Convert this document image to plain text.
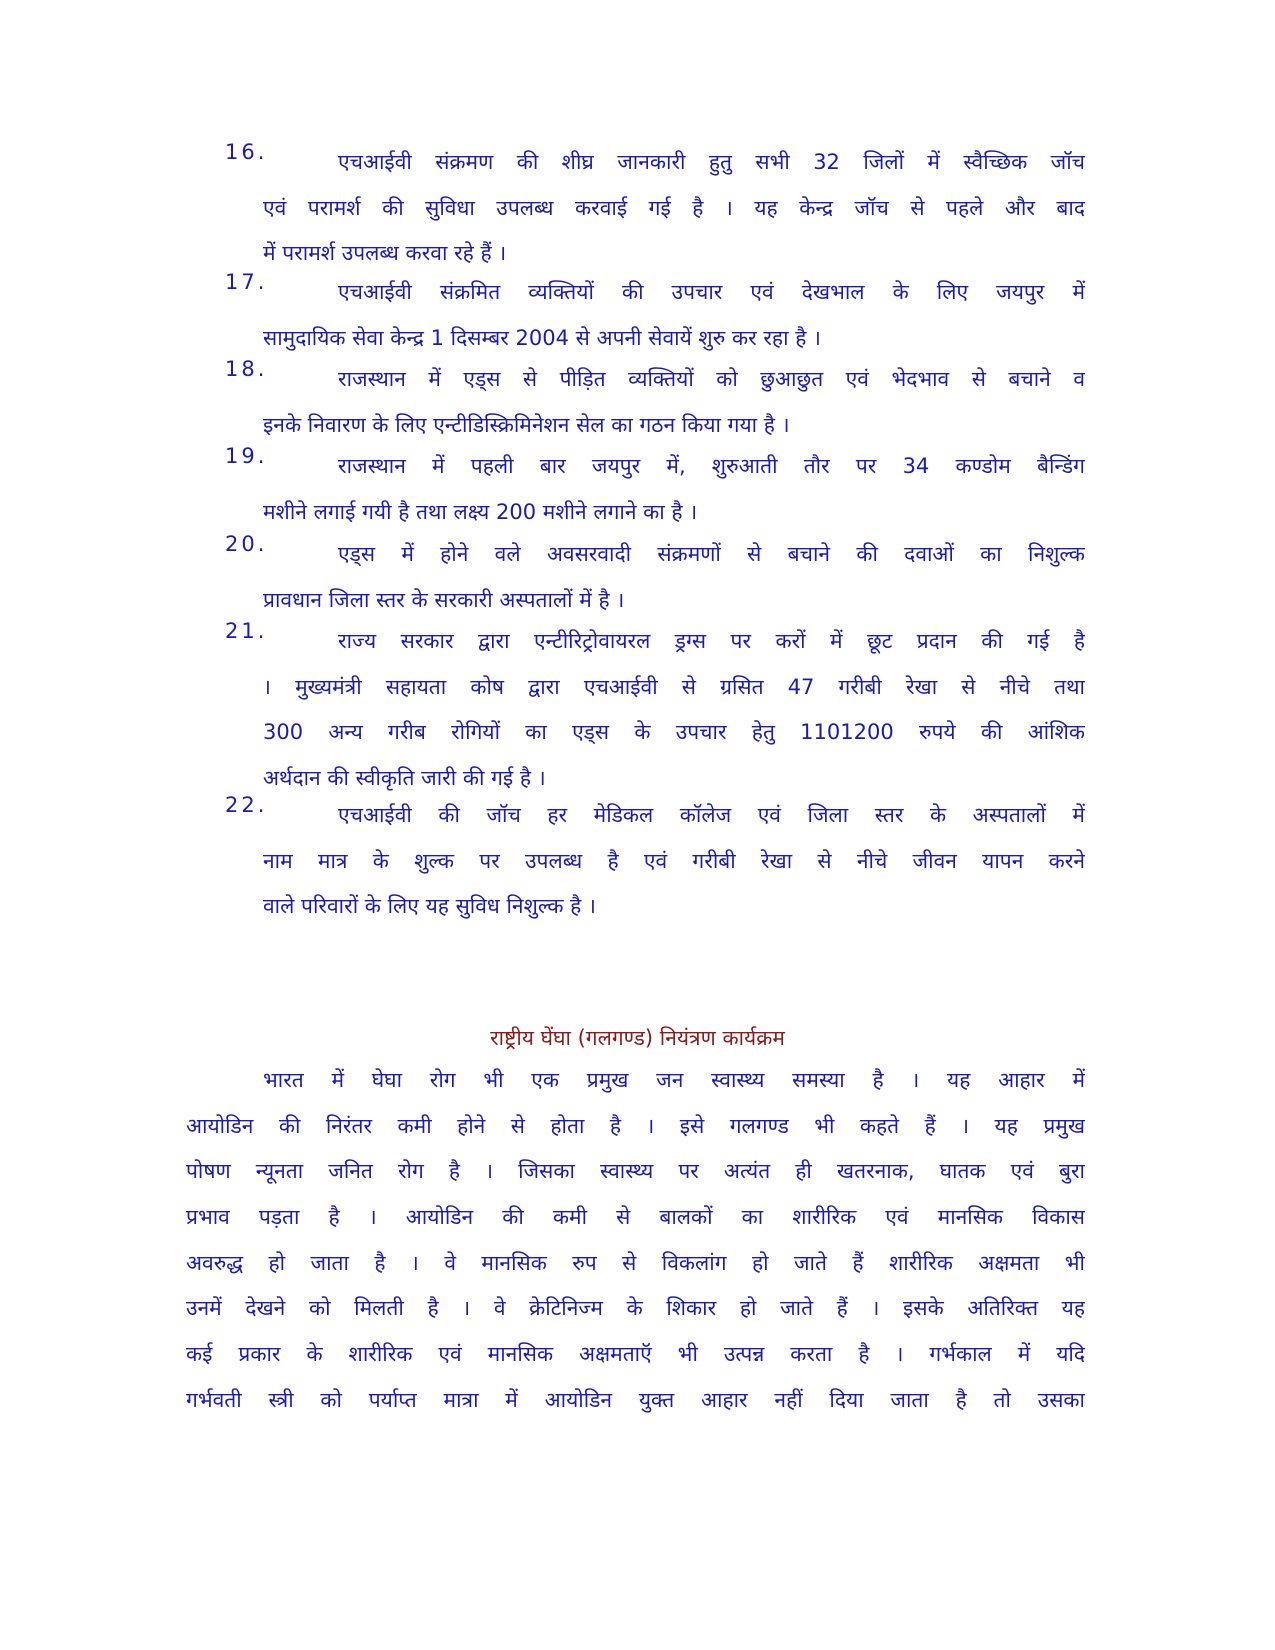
16.	एचआईवी संक्रमण की शीघ्र जानकारी हुतु सभी 32 जिलों में स्वैच्छिक जॉच
एवं परामर्श की सुविधा उपलब्ध करवाई गई है । यह केन्द्र जॉच से पहले और बाद
में परामर्श उपलब्ध करवा रहे हैं ।
17.	एचआईवी संक्रमित व्यक्तियों की उपचार एवं देखभाल के लिए जयपुर में
सामुदायिक सेवा केन्द्र 1 दिसम्बर 2004 से अपनी सेवायें शुरु कर रहा है ।
18.	राजस्थान में एड्स से पीड़ित व्यक्तियों को छुआछुत एवं भेदभाव से बचाने व
इनके निवारण के लिए एन्टीडिस्क्रिमिनेशन सेल का गठन किया गया है ।
19.	राजस्थान में पहली बार जयपुर में, शुरुआती तौर पर 34 कण्डोम बैन्डिंग
मशीने लगाई गयी है तथा लक्ष्य 200 मशीने लगाने का है ।
20.	एड्स में होने वले अवसरवादी संक्रमणों से बचाने की दवाओं का निशुल्क
प्रावधान जिला स्तर के सरकारी अस्पतालों में है ।
21.	राज्य सरकार द्वारा एन्टीरिट्रोवायरल ड्रग्स पर करों में छूट प्रदान की गई है
। मुख्यमंत्री सहायता कोष द्वारा एचआईवी से ग्रसित 47 गरीबी रेखा से नीचे तथा
300 अन्य गरीब रोगियों का एड्स के उपचार हेतु 1101200 रुपये की आंशिक
अर्थदान की स्वीकृति जारी की गई है ।
22.	एचआईवी की जॉच हर मेडिकल कॉलेज एवं जिला स्तर के अस्पतालों में
नाम मात्र के शुल्क पर उपलब्ध है एवं गरीबी रेखा से नीचे जीवन यापन करने
वाले परिवारों के लिए यह सुविध निशुल्क है ।
राष्ट्रीय घेंघा (गलगण्ड) नियंत्रण कार्यक्रम
भारत में घेघा रोग भी एक प्रमुख जन स्वास्थ्य समस्या है । यह आहार में
आयोडिन की निरंतर कमी होने से होता है । इसे गलगण्ड भी कहते हैं । यह प्रमुख
पोषण न्यूनता जनित रोग है । जिसका स्वास्थ्य पर अत्यंत ही खतरनाक, घातक एवं बुरा
प्रभाव पड़ता है । आयोडिन की कमी से बालकों का शारीरिक एवं मानसिक विकास
अवरुद्ध हो जाता है । वे मानसिक रुप से विकलांग हो जाते हैं शारीरिक अक्षमता भी
उनमें देखने को मिलती है । वे क्रेटिनिज्म के शिकार हो जाते हैं । इसके अतिरिक्त यह
कई प्रकार के शारीरिक एवं मानसिक अक्षमताऍ भी उत्पन्न करता है । गर्भकाल में यदि
गर्भवती स्त्री को पर्याप्त मात्रा में आयोडिन युक्त आहार नहीं दिया जाता है तो उसका
